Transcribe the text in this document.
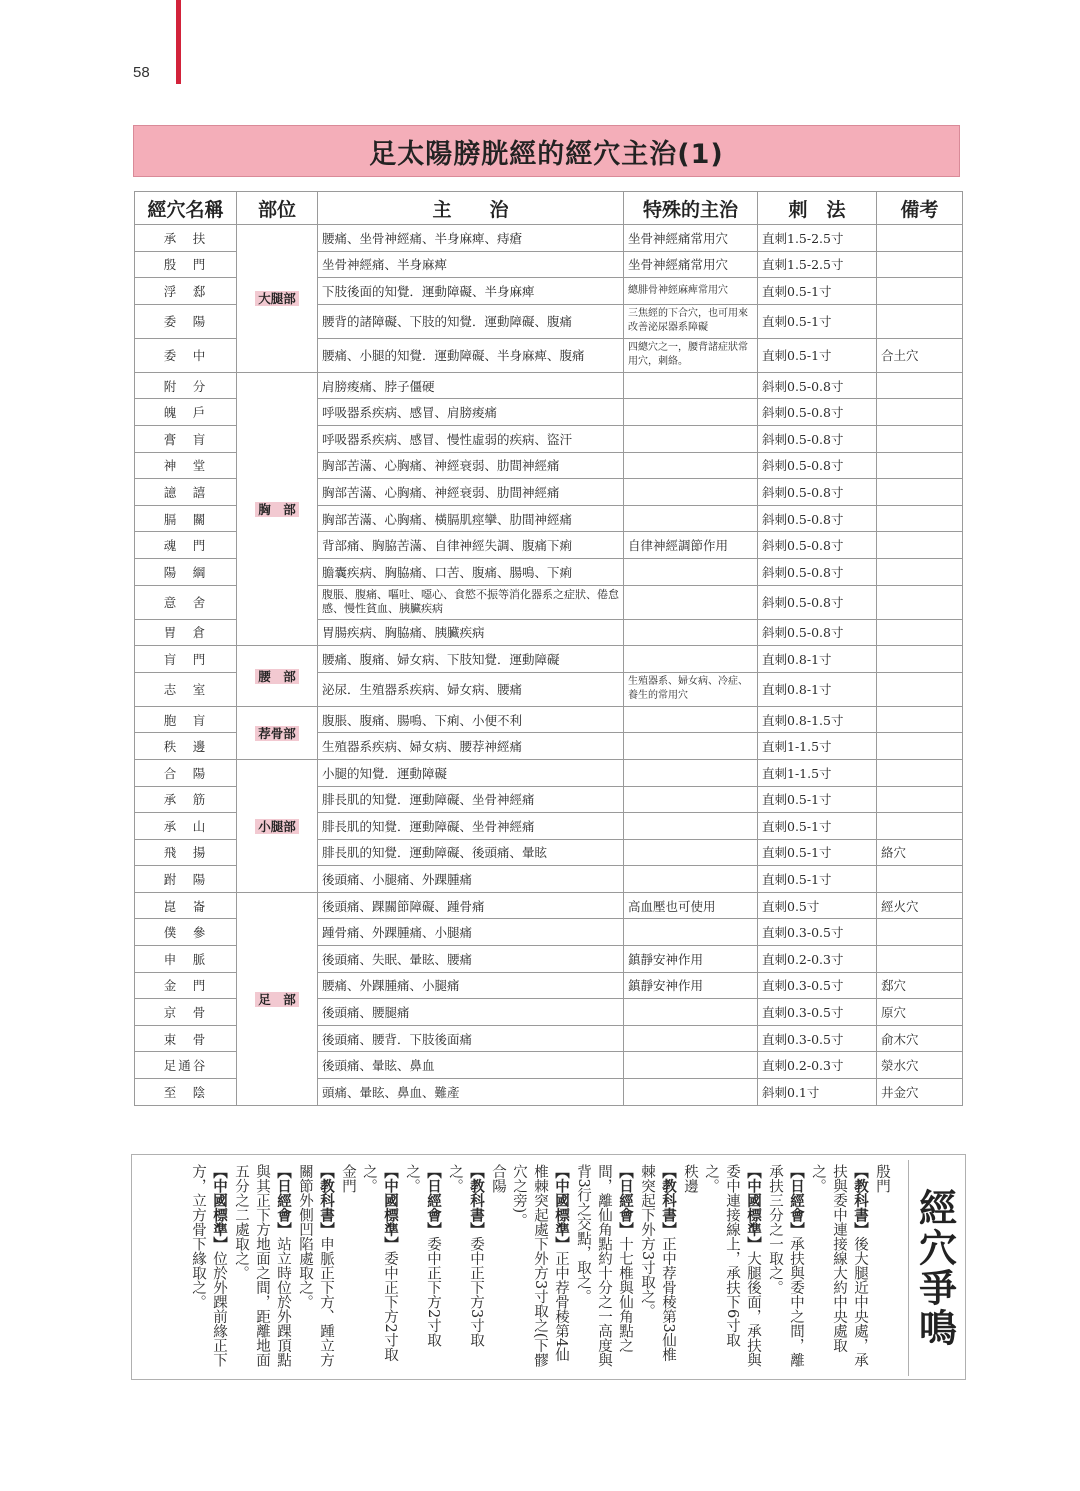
58
足太陽膀胱經的經穴主治(1)
經穴名稱	部位	主　　治	特殊的主治	刺　法	備考
承　扶	大腿部	腰痛、坐骨神經痛、半身麻痺、痔瘡	坐骨神經痛常用穴	直刺1.5-2.5寸	
殷　門		坐骨神經痛、半身麻痺	坐骨神經痛常用穴	直刺1.5-2.5寸	
浮　郄		下肢後面的知覺．運動障礙、半身麻痺	總腓骨神經麻痺常用穴	直刺0.5-1寸	
委　陽		腰背的諸障礙、下肢的知覺．運動障礙、腹痛	三焦經的下合穴，也可用來改善泌尿器系障礙	直刺0.5-1寸	
委　中		腰痛、小腿的知覺．運動障礙、半身麻痺、腹痛	四總穴之一，腰背諸症狀常用穴，刺絡。	直刺0.5-1寸	合土穴
附　分	胸　部	肩膀痠痛、脖子僵硬		斜刺0.5-0.8寸	
魄　戶		呼吸器系疾病、感冒、肩膀痠痛		斜刺0.5-0.8寸	
膏　肓		呼吸器系疾病、感冒、慢性虛弱的疾病、盜汗		斜刺0.5-0.8寸	
神　堂		胸部苦滿、心胸痛、神經衰弱、肋間神經痛		斜刺0.5-0.8寸	
譩　譆		胸部苦滿、心胸痛、神經衰弱、肋間神經痛		斜刺0.5-0.8寸	
膈　關		胸部苦滿、心胸痛、橫膈肌痙攣、肋間神經痛		斜刺0.5-0.8寸	
魂　門		背部痛、胸脇苦滿、自律神經失調、腹痛下痢	自律神經調節作用	斜刺0.5-0.8寸	
陽　綱		膽囊疾病、胸脇痛、口苦、腹痛、腸鳴、下痢		斜刺0.5-0.8寸	
意　舍		腹脹、腹痛、嘔吐、噁心、食慾不振等消化器系之症狀、倦怠感、慢性貧血、胰臟疾病		斜刺0.5-0.8寸	
胃　倉		胃腸疾病、胸脇痛、胰臟疾病		斜刺0.5-0.8寸	
肓　門	腰　部	腰痛、腹痛、婦女病、下肢知覺．運動障礙		直刺0.8-1寸	
志　室		泌尿．生殖器系疾病、婦女病、腰痛	生殖器系、婦女病、冷症、養生的常用穴	直刺0.8-1寸	
胞　肓	荐骨部	腹脹、腹痛、腸鳴、下痢、小便不利		直刺0.8-1.5寸	
秩　邊		生殖器系疾病、婦女病、腰荐神經痛		直刺1-1.5寸	
合　陽	小腿部	小腿的知覺．運動障礙		直刺1-1.5寸	
承　筋		腓長肌的知覺．運動障礙、坐骨神經痛		直刺0.5-1寸	
承　山		腓長肌的知覺．運動障礙、坐骨神經痛		直刺0.5-1寸	
飛　揚		腓長肌的知覺．運動障礙、後頭痛、暈眩		直刺0.5-1寸	絡穴
跗　陽		後頭痛、小腿痛、外踝腫痛		直刺0.5-1寸	
崑　崙	足　部	後頭痛、踝關節障礙、踵骨痛	高血壓也可使用	直刺0.5寸	經火穴
僕　參		踵骨痛、外踝腫痛、小腿痛		直刺0.3-0.5寸	
申　脈		後頭痛、失眠、暈眩、腰痛	鎮靜安神作用	直刺0.2-0.3寸	
金　門		腰痛、外踝腫痛、小腿痛	鎮靜安神作用	直刺0.3-0.5寸	郄穴
京　骨		後頭痛、腰腿痛		直刺0.3-0.5寸	原穴
束　骨		後頭痛、腰背．下肢後面痛		直刺0.3-0.5寸	俞木穴
足通谷		後頭痛、暈眩、鼻血		直刺0.2-0.3寸	滎水穴
至　陰		頭痛、暈眩、鼻血、難產		斜刺0.1寸	井金穴
經穴爭鳴

殷門

【教科書】後大腿近中央處，承扶與委中連接線大約中央處取之。

【日經會】承扶與委中之間，離承扶三分之一取之。

【中國標準】大腿後面，承扶與委中連接線上，承扶下6寸取之。

秩邊

【教科書】正中荐骨稜第3仙椎棘突起下外方3寸取之。

【日經會】十七椎與仙角點之間，離仙角點約十分之一高度與背3行之交點，取之。

【中國標準】正中荐骨稜第4仙椎棘突起處下外方3寸取之(下髎穴之旁)。

合陽

【教科書】委中正下方3寸取之。

【日經會】委中正下方2寸取之。

【中國標準】委中正下方2寸取之。

金門

【教科書】申脈正下方、踵立方關節外側凹陷處取之。

【日經會】站立時位於外踝頂點與其正下方地面之間，距離地面五分之二處取之。

【中國標準】位於外踝前緣正下方，立方骨下緣取之。
